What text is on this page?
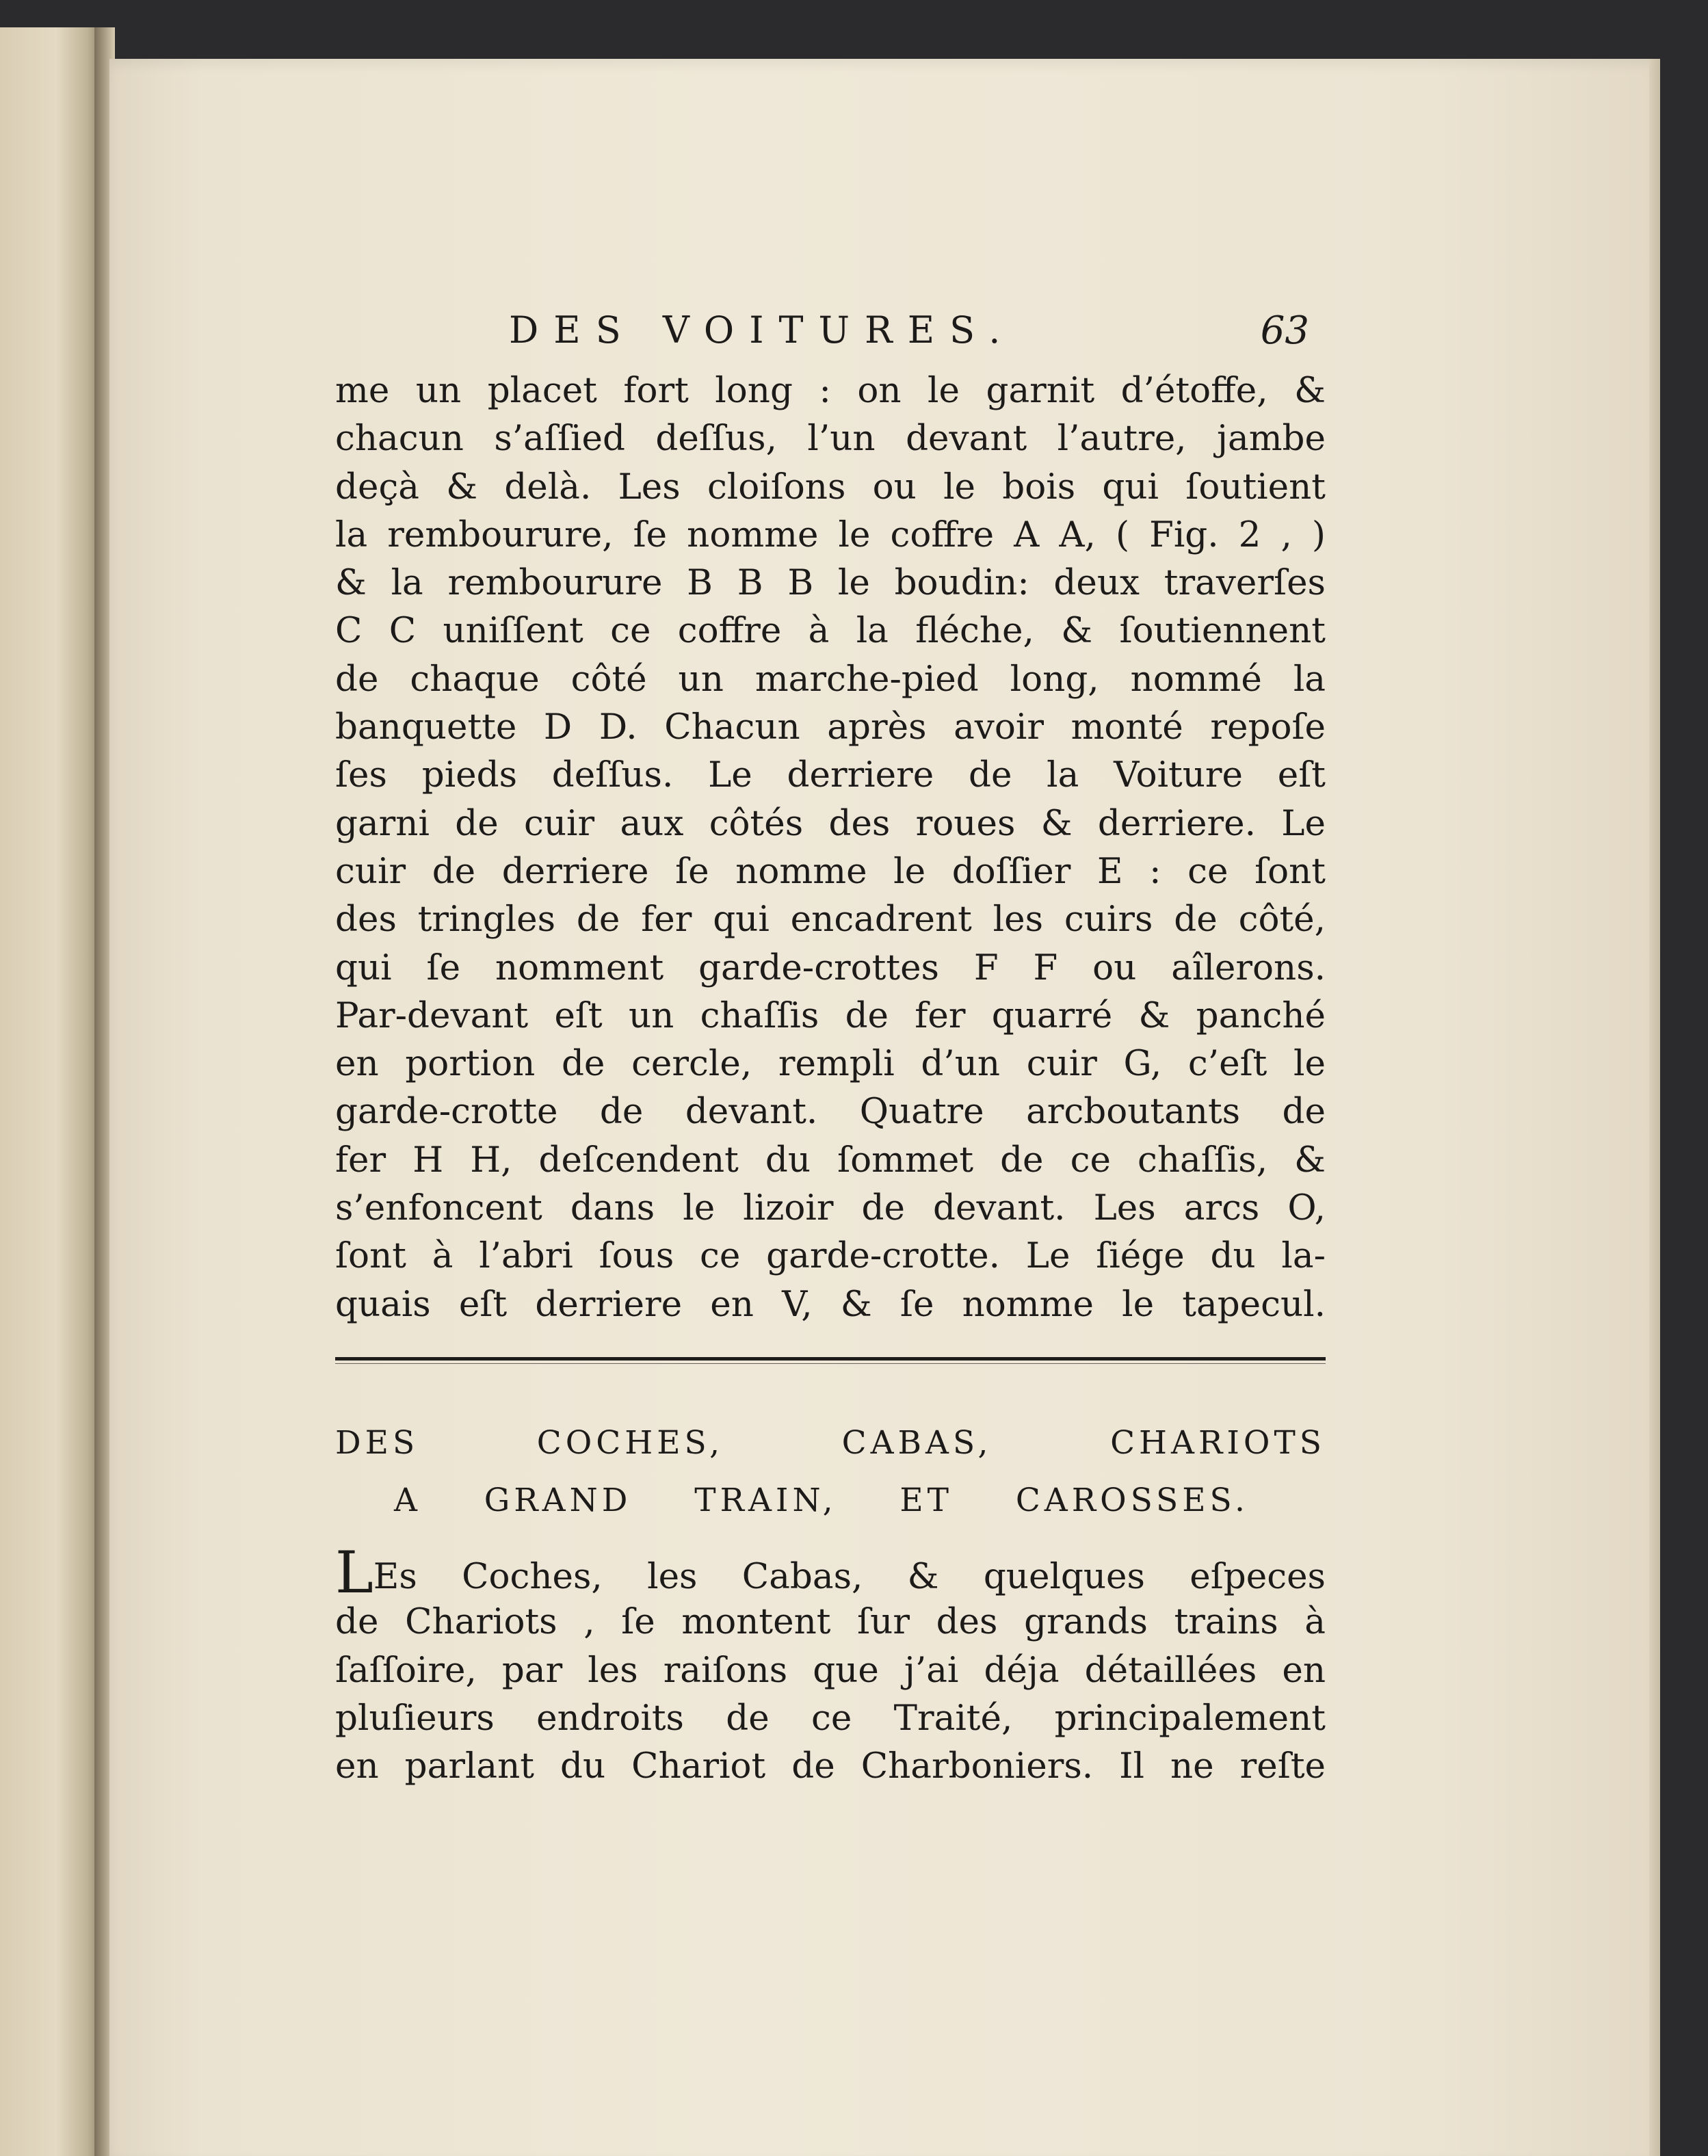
DES VOITURES.	63
me un placet fort long : on le garnit d’étoffe, &
chacun s’aſſied deſſus, l’un devant l’autre, jambe
deçà & delà. Les cloiſons ou le bois qui ſoutient
la rembourure, ſe nomme le coffre A A, ( Fig. 2 , )
& la rembourure B B B le boudin: deux traverſes
C C uniſſent ce coffre à la fléche, & ſoutiennent
de chaque côté un marche-pied long, nommé la
banquette D D. Chacun après avoir monté repoſe
ſes pieds deſſus. Le derriere de la Voiture eſt
garni de cuir aux côtés des roues & derriere. Le
cuir de derriere ſe nomme le doſſier E : ce ſont
des tringles de fer qui encadrent les cuirs de côté,
qui ſe nomment garde-crottes F F ou aîlerons.
Par-devant eſt un chaſſis de fer quarré & panché
en portion de cercle, rempli d’un cuir G, c’eſt le
garde-crotte de devant. Quatre arcboutants de
fer H H, deſcendent du ſommet de ce chaſſis, &
s’enfoncent dans le lizoir de devant. Les arcs O,
ſont à l’abri ſous ce garde-crotte. Le ſiége du la-
quais eſt derriere en V, & ſe nomme le tapecul.
DES COCHES, CABAS, CHARIOTS
A GRAND TRAIN, ET CAROSSES.
LEs Coches, les Cabas, & quelques eſpeces
de Chariots , ſe montent ſur des grands trains à
ſaſſoire, par les raiſons que j’ai déja détaillées en
pluſieurs endroits de ce Traité, principalement
en parlant du Chariot de Charboniers. Il ne reſte
